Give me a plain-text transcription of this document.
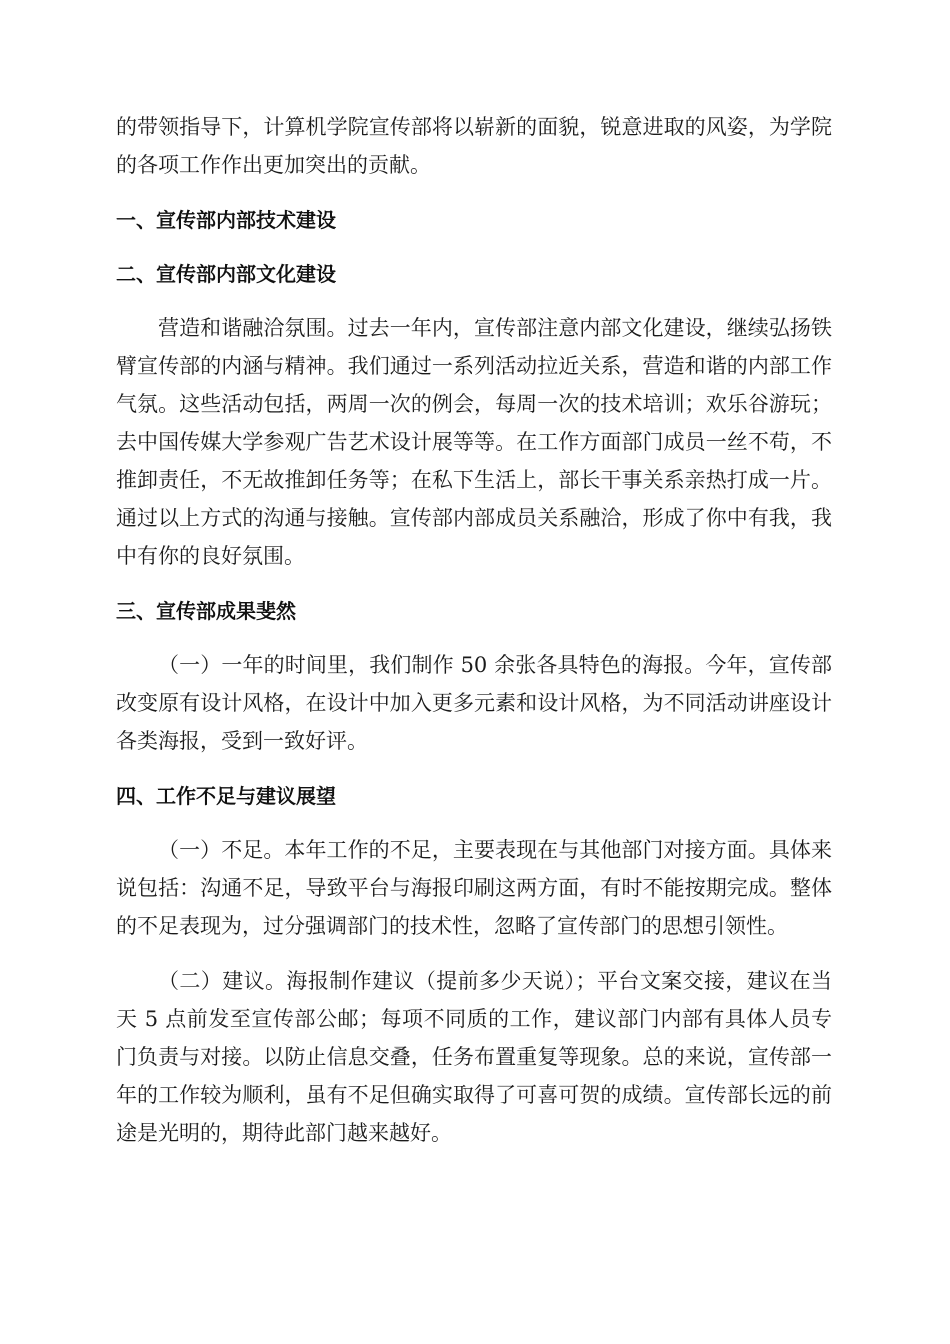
的带领指导下，计算机学院宣传部将以崭新的面貌，锐意进取的风姿，为学院的各项工作作出更加突出的贡献。

一、宣传部内部技术建设
二、宣传部内部文化建设

营造和谐融洽氛围。过去一年内，宣传部注意内部文化建设，继续弘扬铁臂宣传部的内涵与精神。我们通过一系列活动拉近关系，营造和谐的内部工作气氛。这些活动包括，两周一次的例会，每周一次的技术培训；欢乐谷游玩；去中国传媒大学参观广告艺术设计展等等。在工作方面部门成员一丝不苟，不推卸责任，不无故推卸任务等；在私下生活上，部长干事关系亲热打成一片。通过以上方式的沟通与接触。宣传部内部成员关系融洽，形成了你中有我，我中有你的良好氛围。

三、宣传部成果斐然

（一）一年的时间里，我们制作 50 余张各具特色的海报。今年，宣传部改变原有设计风格，在设计中加入更多元素和设计风格，为不同活动讲座设计各类海报，受到一致好评。

四、工作不足与建议展望

（一）不足。本年工作的不足，主要表现在与其他部门对接方面。具体来说包括：沟通不足，导致平台与海报印刷这两方面，有时不能按期完成。整体的不足表现为，过分强调部门的技术性，忽略了宣传部门的思想引领性。

（二）建议。海报制作建议（提前多少天说）；平台文案交接，建议在当天 5 点前发至宣传部公邮；每项不同质的工作，建议部门内部有具体人员专门负责与对接。以防止信息交叠，任务布置重复等现象。总的来说，宣传部一年的工作较为顺利，虽有不足但确实取得了可喜可贺的成绩。宣传部长远的前途是光明的，期待此部门越来越好。
